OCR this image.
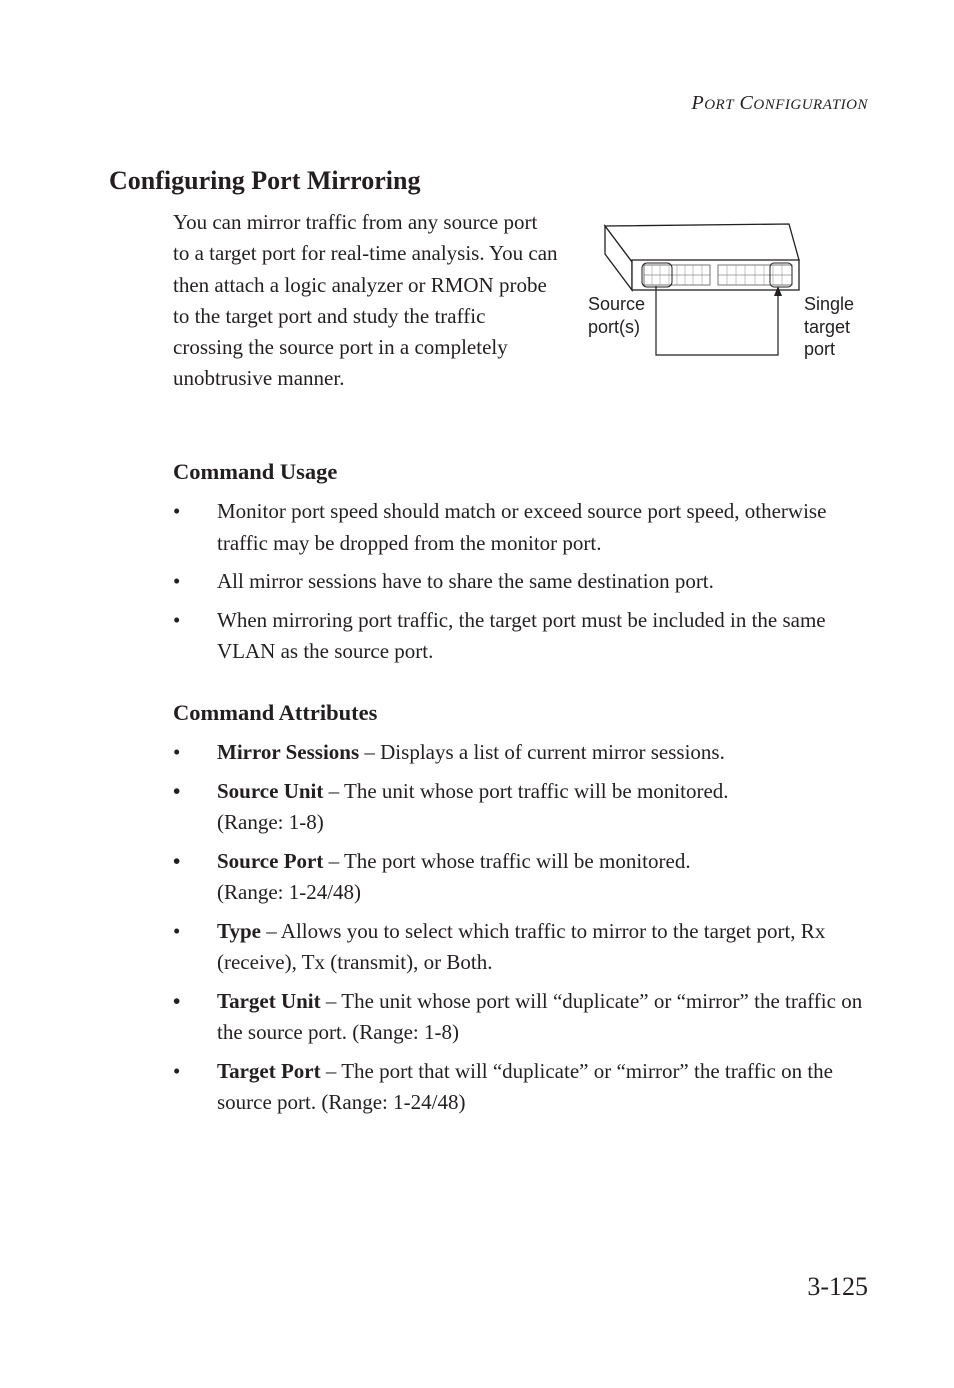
PORT CONFIGURATION
Configuring Port Mirroring
You can mirror traffic from any source port to a target port for real-time analysis. You can then attach a logic analyzer or RMON probe to the target port and study the traffic crossing the source port in a completely unobtrusive manner.
Source port(s)
Single target port
Command Usage
•	Monitor port speed should match or exceed source port speed, otherwise traffic may be dropped from the monitor port.
•	All mirror sessions have to share the same destination port.
•	When mirroring port traffic, the target port must be included in the same VLAN as the source port.
Command Attributes
•	Mirror Sessions – Displays a list of current mirror sessions.
•	Source Unit – The unit whose port traffic will be monitored.
(Range: 1-8)
•	Source Port – The port whose traffic will be monitored.
(Range: 1-24/48)
•	Type – Allows you to select which traffic to mirror to the target port, Rx (receive), Tx (transmit), or Both.
•	Target Unit – The unit whose port will “duplicate” or “mirror” the traffic on the source port. (Range: 1-8)
•	Target Port – The port that will “duplicate” or “mirror” the traffic on the source port. (Range: 1-24/48)
3-125
